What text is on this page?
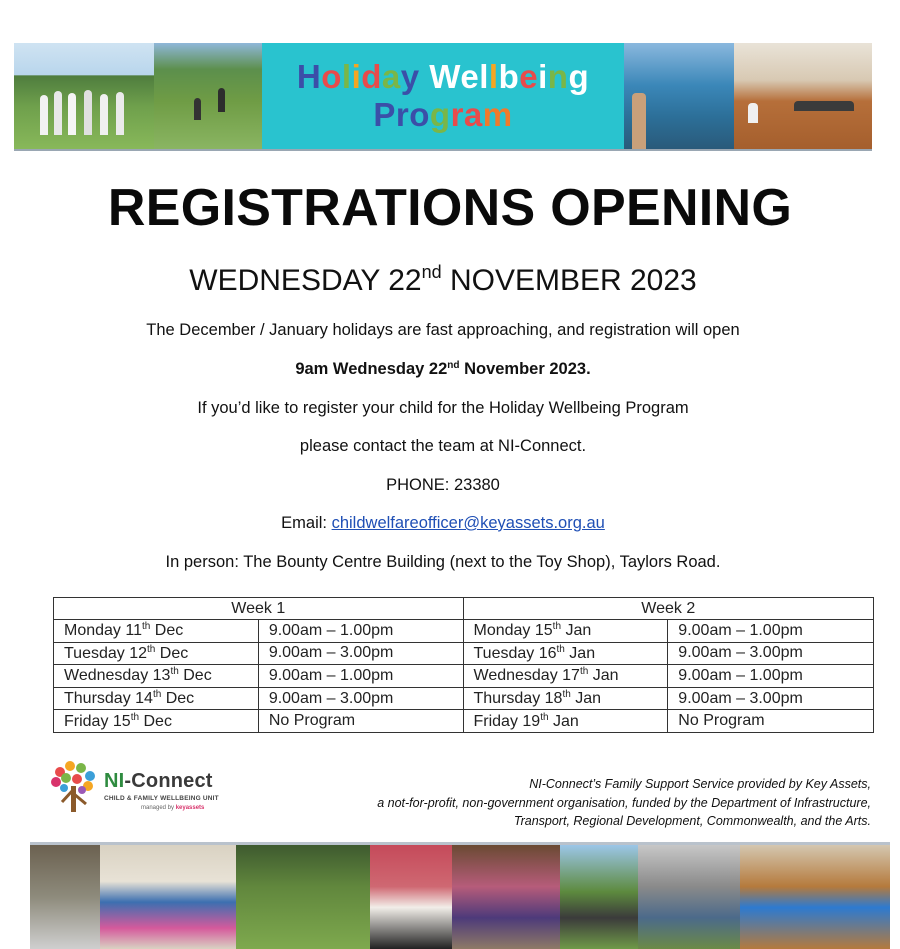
Holiday Wellbeing
Program
REGISTRATIONS OPENING
WEDNESDAY 22nd NOVEMBER 2023
The December / January holidays are fast approaching, and registration will open
9am Wednesday 22nd November 2023.
If you’d like to register your child for the Holiday Wellbeing Program
please contact the team at NI-Connect.
PHONE: 23380
Email: childwelfareofficer@keyassets.org.au
In person: The Bounty Centre Building (next to the Toy Shop), Taylors Road.
Week 1		Week 2	
Monday 11th Dec	9.00am – 1.00pm	Monday 15th Jan	9.00am – 1.00pm
Tuesday 12th Dec	9.00am – 3.00pm	Tuesday 16th Jan	9.00am – 3.00pm
Wednesday 13th Dec	9.00am – 1.00pm	Wednesday 17th Jan	9.00am – 1.00pm
Thursday 14th Dec	9.00am – 3.00pm	Thursday 18th Jan	9.00am – 3.00pm
Friday 15th Dec	No Program	Friday 19th Jan	No Program
NI-Connect
CHILD & FAMILY WELLBEING UNIT
managed by keyassets
NI-Connect’s Family Support Service provided by Key Assets,
a not-for-profit, non-government organisation, funded by the Department of Infrastructure,
Transport, Regional Development, Commonwealth, and the Arts.
